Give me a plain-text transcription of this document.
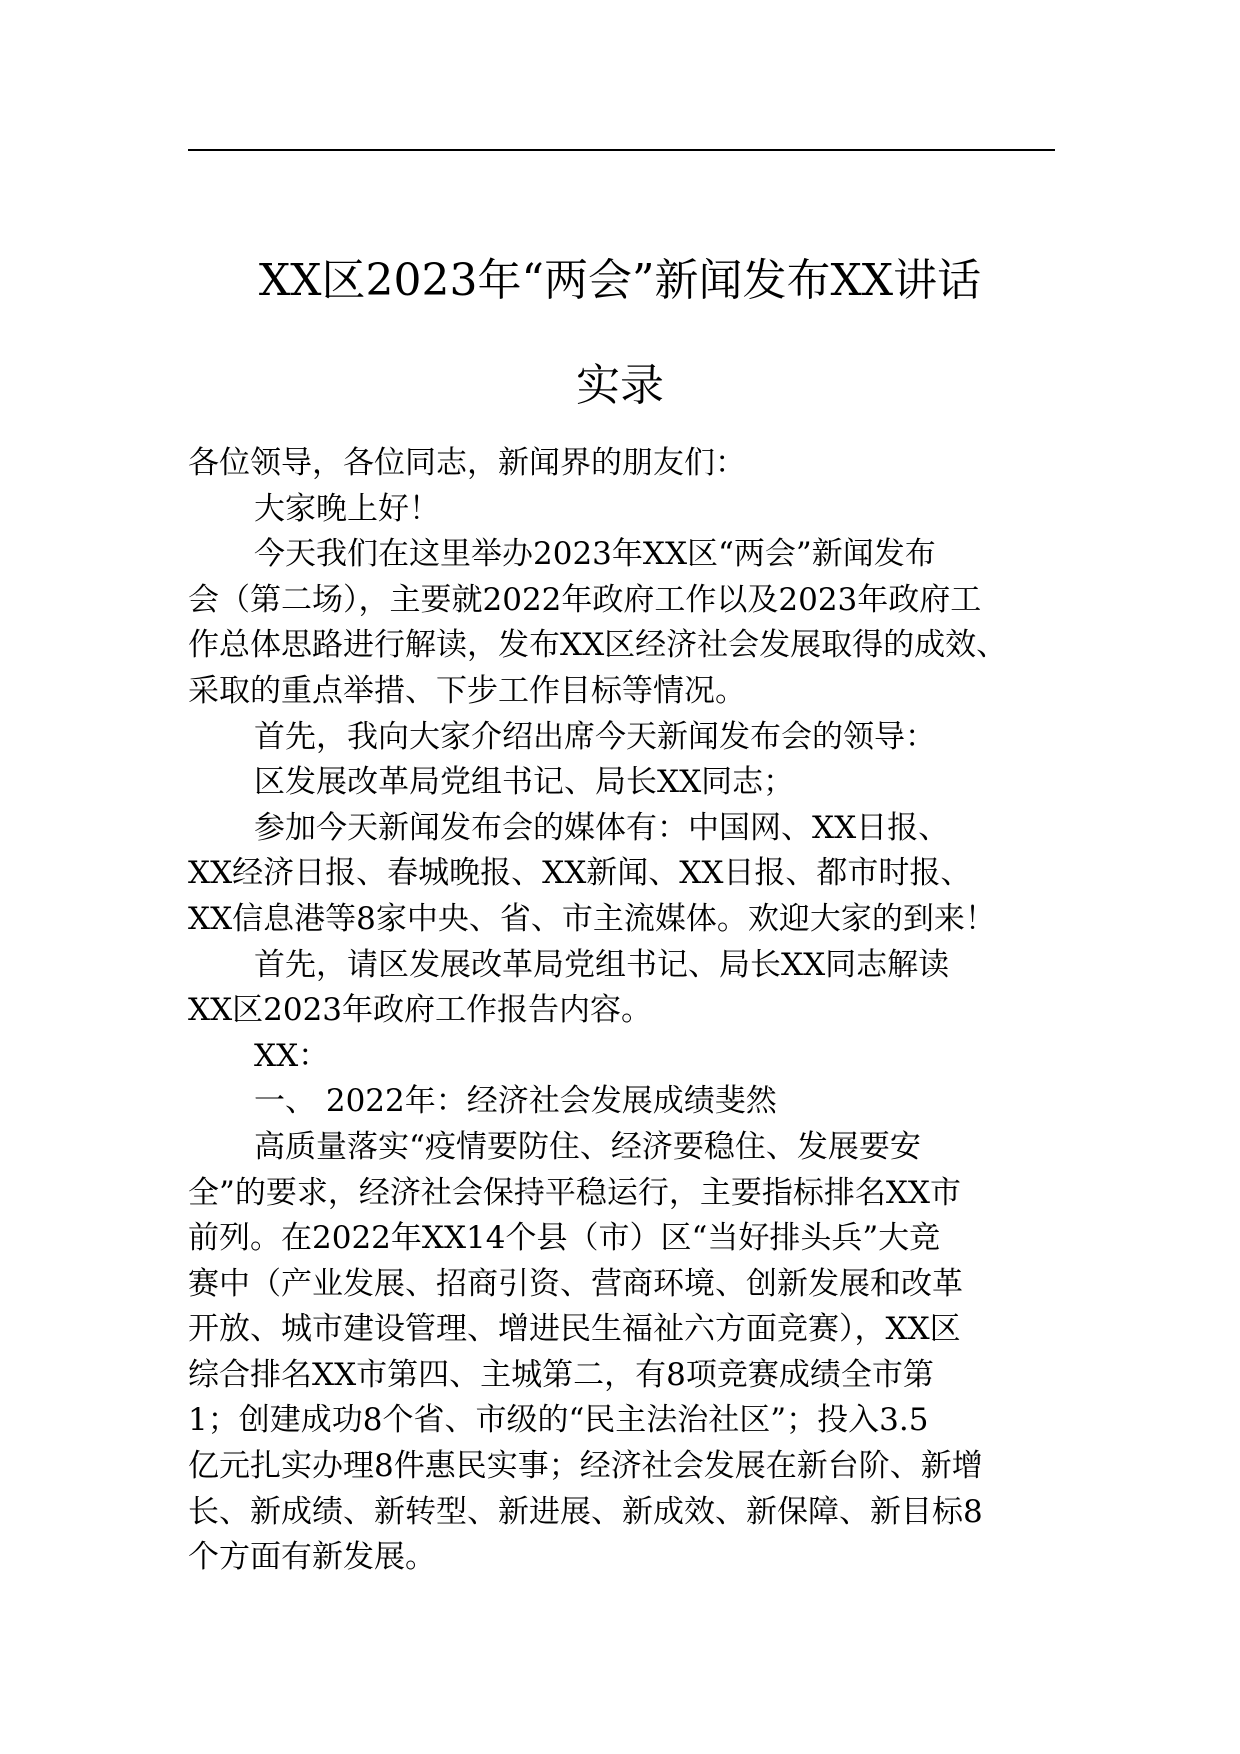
XX区2023年“两会”新闻发布XX讲话
实录

各位领导，各位同志，新闻界的朋友们：

大家晚上好！

今天我们在这里举办2023年XX区“两会”新闻发布

会（第二场），主要就2022年政府工作以及2023年政府工

作总体思路进行解读，发布XX区经济社会发展取得的成效、

采取的重点举措、下步工作目标等情况。

首先，我向大家介绍出席今天新闻发布会的领导：

区发展改革局党组书记、局长XX同志；

参加今天新闻发布会的媒体有：中国网、XX日报、

XX经济日报、春城晚报、XX新闻、XX日报、都市时报、

XX信息港等8家中央、省、市主流媒体。欢迎大家的到来！

首先，请区发展改革局党组书记、局长XX同志解读

XX区2023年政府工作报告内容。

XX：

一、 2022年：经济社会发展成绩斐然

高质量落实“疫情要防住、经济要稳住、发展要安

全”的要求，经济社会保持平稳运行，主要指标排名XX市

前列。在2022年XX14个县（市）区“当好排头兵”大竞

赛中（产业发展、招商引资、营商环境、创新发展和改革

开放、城市建设管理、增进民生福祉六方面竞赛），XX区

综合排名XX市第四、主城第二，有8项竞赛成绩全市第

1；创建成功8个省、市级的“民主法治社区”；投入3.5

亿元扎实办理8件惠民实事；经济社会发展在新台阶、新增

长、新成绩、新转型、新进展、新成效、新保障、新目标8

个方面有新发展。
